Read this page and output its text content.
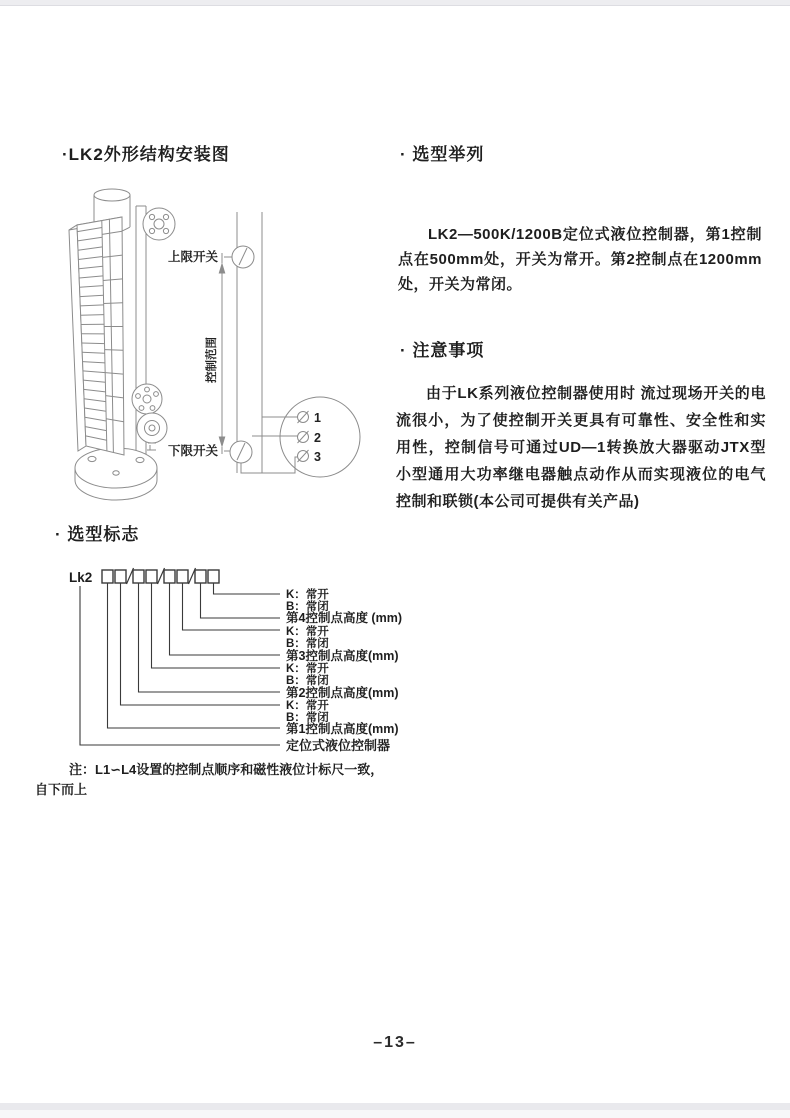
·LK2外形结构安装图	· 选型举列
· 注意事项
· 选型标志
LK2—500K/1200B定位式液位控制器，第1控制点在500mm处，开关为常开。第2控制点在1200mm处，开关为常闭。
由于LK系列液位控制器使用时 流过现场开关的电流很小，为了使控制开关更具有可靠性、安全性和实用性，控制信号可通过UD—1转换放大器驱动JTX型小型通用大功率继电器触点动作从而实现液位的电气控制和联锁(本公司可提供有关产品)
上限开关
下限开关
控制范围
1
2
3
Lk2
K：常开
B：常闭
第4控制点高度 (mm)
K：常开
B：常闭
第3控制点高度(mm)
K：常开
B：常闭
第2控制点高度(mm)
K：常开
B：常闭
第1控制点高度(mm)
定位式液位控制器
注：L1∽L4设置的控制点顺序和磁性液位计标尺一致，
自下而上
–13–
